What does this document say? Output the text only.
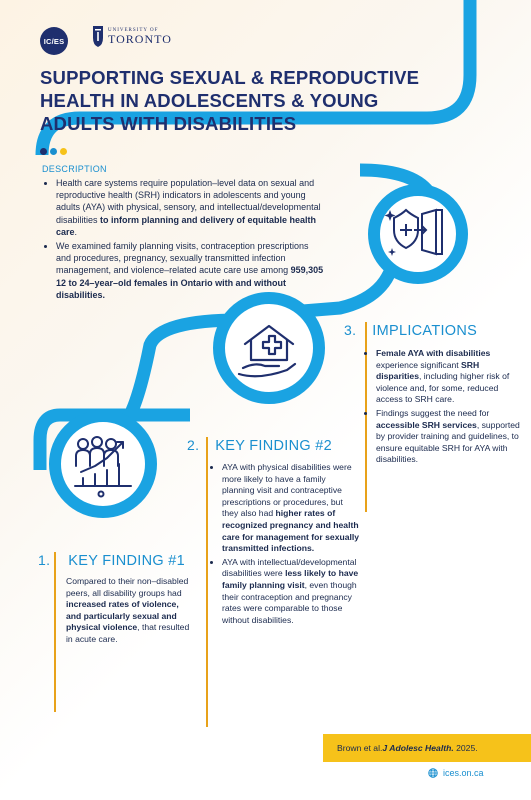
IC/ES
UNIVERSITY OF
TORONTO
SUPPORTING SEXUAL & REPRODUCTIVE HEALTH IN ADOLESCENTS & YOUNG ADULTS WITH DISABILITIES
DESCRIPTION
• Health care systems require population–level data on sexual and reproductive health (SRH) indicators in adolescents and young adults (AYA) with physical, sensory, and intellectual/developmental disabilities to inform planning and delivery of equitable health care.
• We examined family planning visits, contraception prescriptions and procedures, pregnancy, sexually transmitted infection management, and violence–related acute care use among 959,305 12 to 24–year–old females in Ontario with and without disabilities.
3. IMPLICATIONS
• Female AYA with disabilities experience significant SRH disparities, including higher risk of violence and, for some, reduced access to SRH care.
• Findings suggest the need for accessible SRH services, supported by provider training and guidelines, to ensure equitable SRH for AYA with disabilities.
2. KEY FINDING #2
• AYA with physical disabilities were more likely to have a family planning visit and contraceptive prescriptions or procedures, but they also had higher rates of recognized pregnancy and health care for management for sexually transmitted infections.
• AYA with intellectual/developmental disabilities were less likely to have family planning visit, even though their contraception and pregnancy rates were comparable to those without disabilities.
1. KEY FINDING #1
Compared to their non–disabled peers, all disability groups had increased rates of violence, and particularly sexual and physical violence, that resulted in acute care.
Brown et al. J Adolesc Health. 2025.
ices.on.ca
